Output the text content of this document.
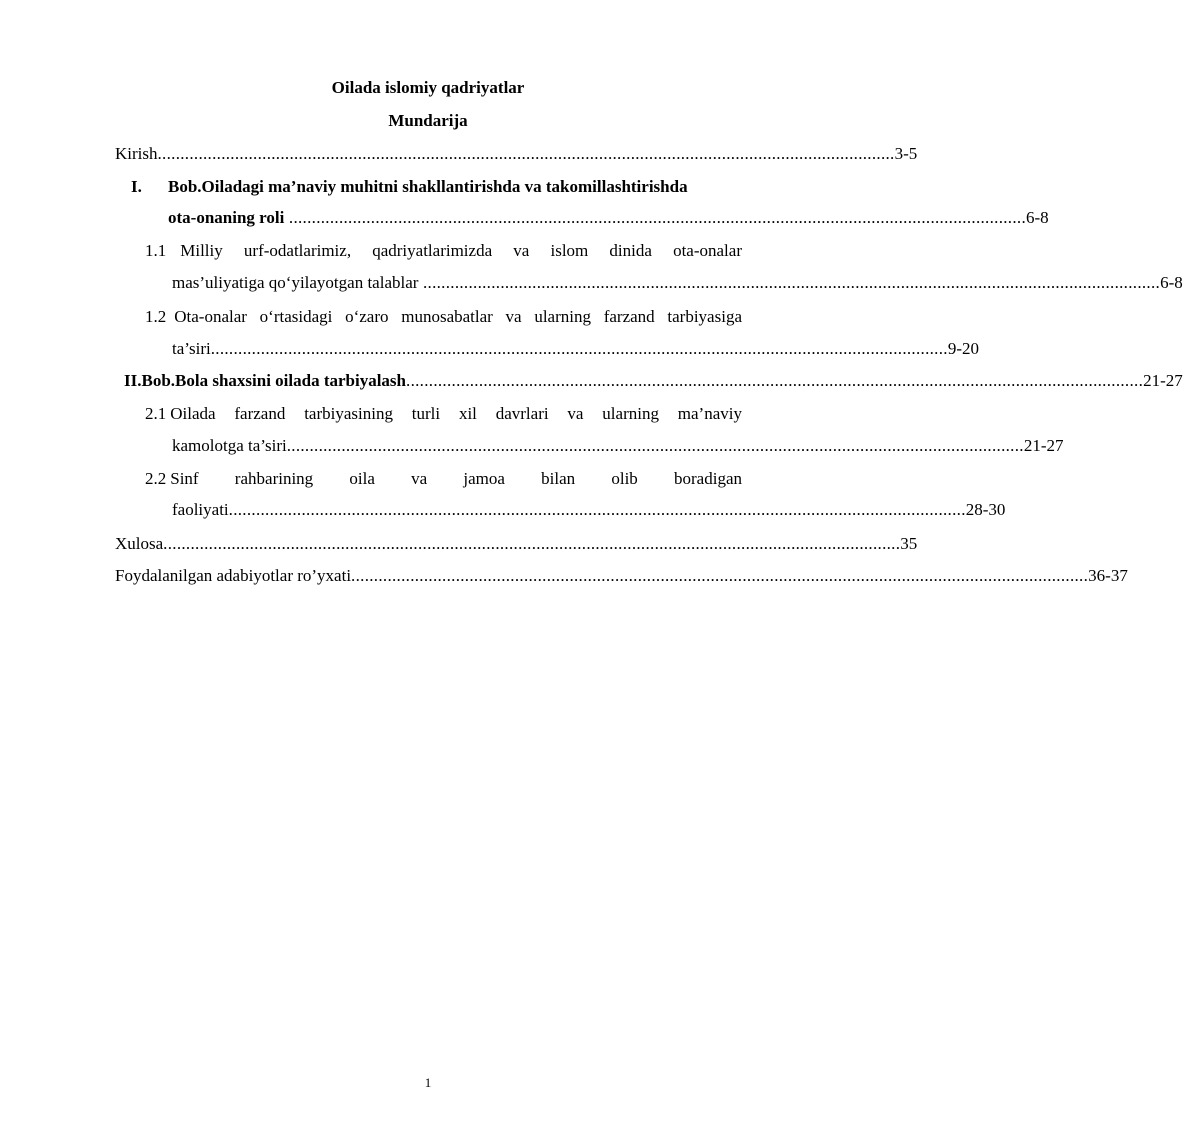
Oilada islomiy qadriyatlar
Mundarija
Kirish .................................................................................................................................................................. 3-5
I.	Bob.Oiladagi ma’naviy muhitni shakllantirishda va takomillashtirishda
ota-onaning roli .................................................................................................................................................................. 6-8
1.1 Milliy urf-odatlarimiz, qadriyatlarimizda va islom dinida ota-onalar
mas’uliyatiga qo‘yilayotgan talablar .................................................................................................................................................................. 6-8
1.2 Ota-onalar o‘rtasidagi o‘zaro munosabatlar va ularning farzand tarbiyasiga
ta’siri .................................................................................................................................................................. 9-20
II. Bob.Bola shaxsini oilada tarbiyalash .................................................................................................................................................................. 21-27
2.1 Oilada farzand tarbiyasining turli xil davrlari va ularning ma’naviy
kamolotga ta’siri .................................................................................................................................................................. 21-27
2.2 Sinf rahbarining oila va jamoa bilan olib boradigan
faoliyati .................................................................................................................................................................. 28-30
Xulosa .................................................................................................................................................................. 35
Foydalanilgan adabiyotlar ro’yxati .................................................................................................................................................................. 36-37
1
